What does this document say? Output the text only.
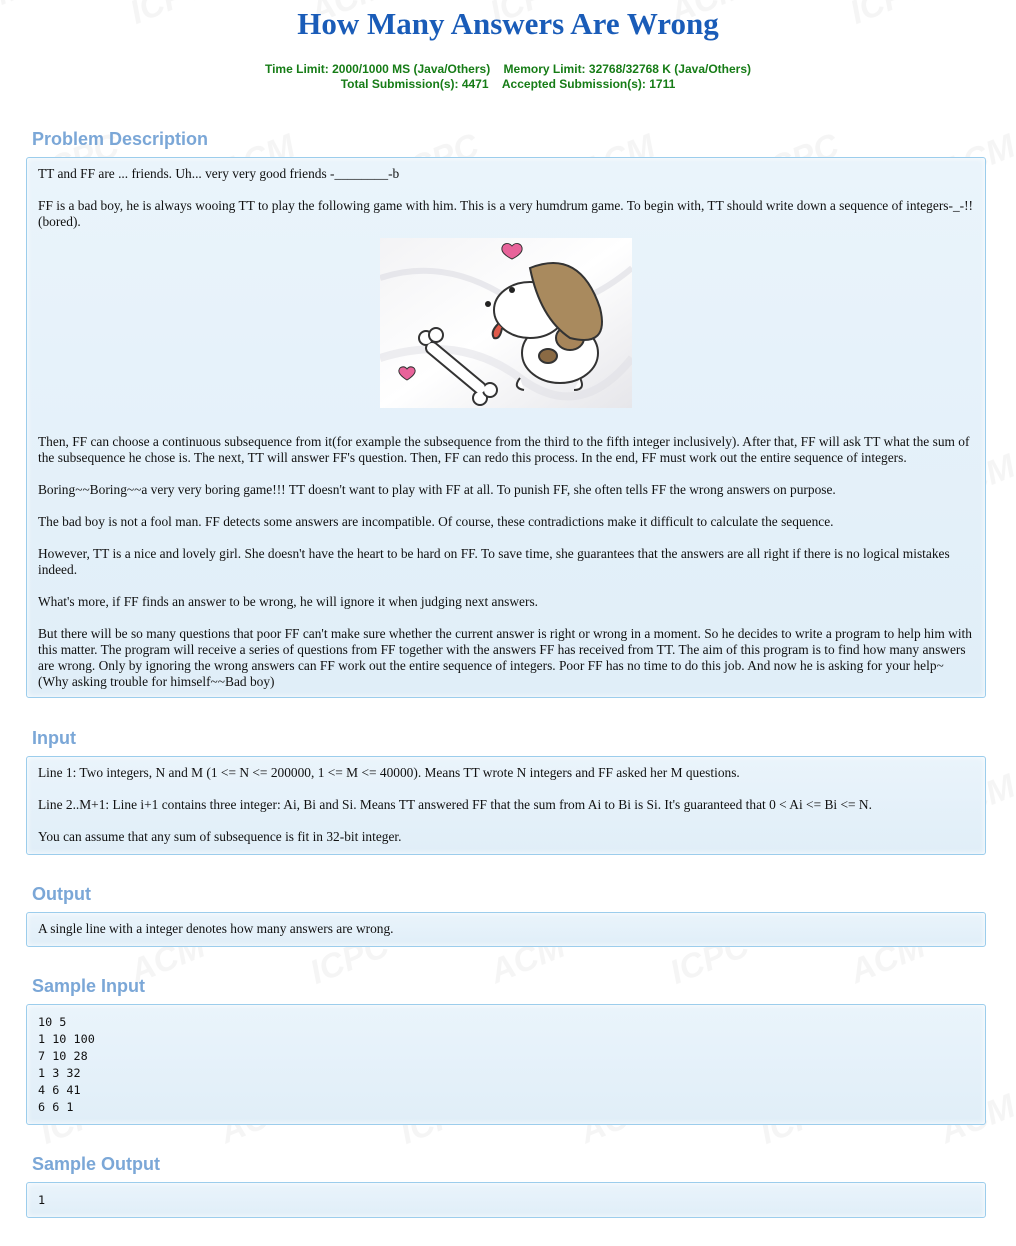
How Many Answers Are Wrong
Time Limit: 2000/1000 MS (Java/Others) Memory Limit: 32768/32768 K (Java/Others)
Total Submission(s): 4471 Accepted Submission(s): 1711
Problem Description

TT and FF are ... friends. Uh... very very good friends -________-b

FF is a bad boy, he is always wooing TT to play the following game with him. This is a very humdrum game. To begin with, TT should write down a sequence of integers-_-!!(bored).

Then, FF can choose a continuous subsequence from it(for example the subsequence from the third to the fifth integer inclusively). After that, FF will ask TT what the sum of the subsequence he chose is. The next, TT will answer FF's question. Then, FF can redo this process. In the end, FF must work out the entire sequence of integers.

Boring~~Boring~~a very very boring game!!! TT doesn't want to play with FF at all. To punish FF, she often tells FF the wrong answers on purpose.

The bad boy is not a fool man. FF detects some answers are incompatible. Of course, these contradictions make it difficult to calculate the sequence.

However, TT is a nice and lovely girl. She doesn't have the heart to be hard on FF. To save time, she guarantees that the answers are all right if there is no logical mistakes indeed.

What's more, if FF finds an answer to be wrong, he will ignore it when judging next answers.

But there will be so many questions that poor FF can't make sure whether the current answer is right or wrong in a moment. So he decides to write a program to help him with this matter. The program will receive a series of questions from FF together with the answers FF has received from TT. The aim of this program is to find how many answers are wrong. Only by ignoring the wrong answers can FF work out the entire sequence of integers. Poor FF has no time to do this job. And now he is asking for your help~(Why asking trouble for himself~~Bad boy)

Input

Line 1: Two integers, N and M (1 <= N <= 200000, 1 <= M <= 40000). Means TT wrote N integers and FF asked her M questions.

Line 2..M+1: Line i+1 contains three integer: Ai, Bi and Si. Means TT answered FF that the sum from Ai to Bi is Si. It's guaranteed that 0 < Ai <= Bi <= N.

You can assume that any sum of subsequence is fit in 32-bit integer.

Output

A single line with a integer denotes how many answers are wrong.

Sample Input
10 5
1 10 100
7 10 28
1 3 32
4 6 41
6 6 1
Sample Output
1
